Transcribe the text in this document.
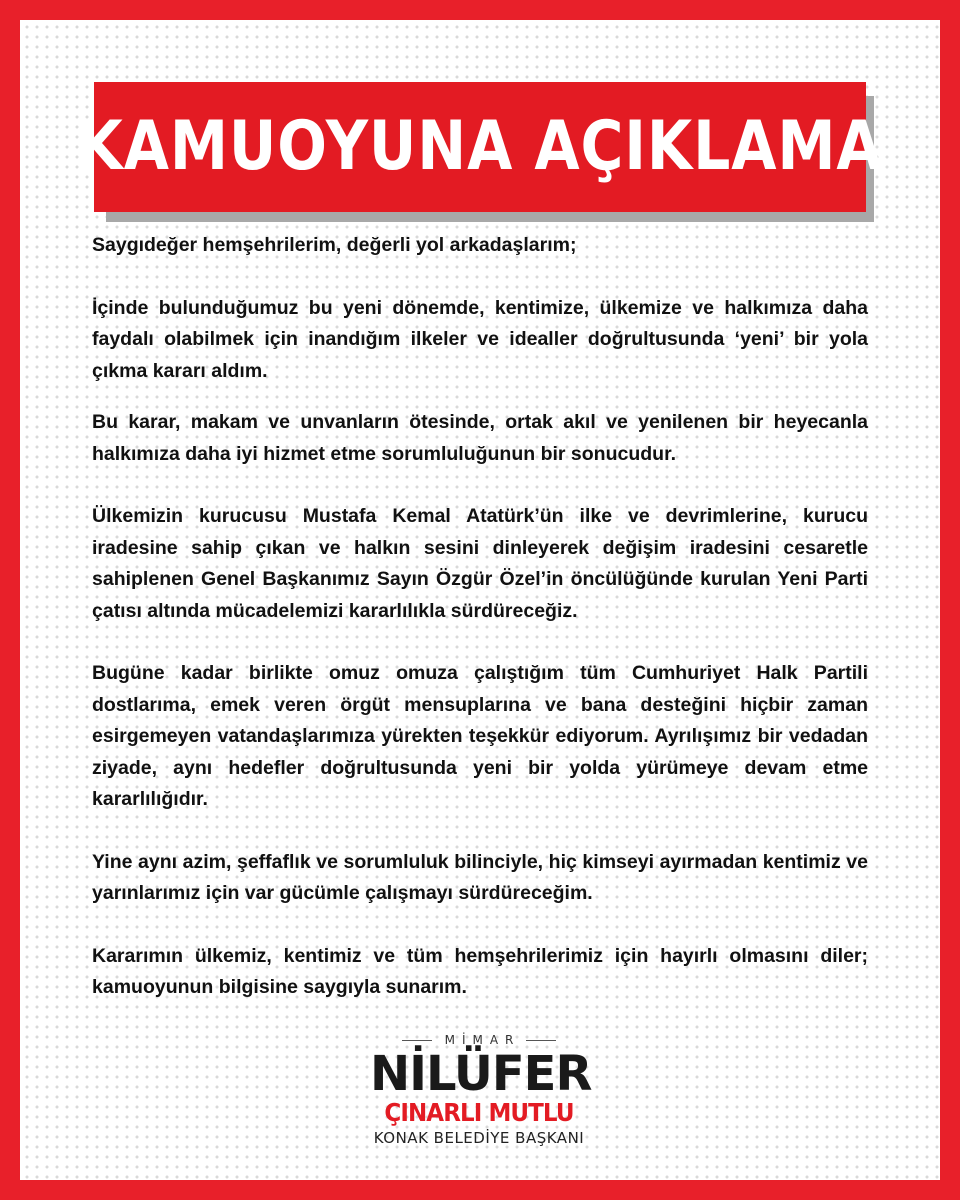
KAMUOYUNA AÇIKLAMA

Saygıdeğer hemşehrilerim, değerli yol arkadaşlarım;

İçinde bulunduğumuz bu yeni dönemde, kentimize, ülkemize ve halkımıza daha faydalı olabilmek için inandığım ilkeler ve idealler doğrultusunda ‘yeni’ bir yola çıkma kararı aldım.

Bu karar, makam ve unvanların ötesinde, ortak akıl ve yenilenen bir heyecanla halkımıza daha iyi hizmet etme sorumluluğunun bir sonucudur.

Ülkemizin kurucusu Mustafa Kemal Atatürk’ün ilke ve devrimlerine, kurucu iradesine sahip çıkan ve halkın sesini dinleyerek değişim iradesini cesaretle sahiplenen Genel Başkanımız Sayın Özgür Özel’in öncülüğünde kurulan Yeni Parti çatısı altında mücadelemizi kararlılıkla sürdüreceğiz.

Bugüne kadar birlikte omuz omuza çalıştığım tüm Cumhuriyet Halk Partili dostlarıma, emek veren örgüt mensuplarına ve bana desteğini hiçbir zaman esirgemeyen vatandaşlarımıza yürekten teşekkür ediyorum. Ayrılışımız bir vedadan ziyade, aynı hedefler doğrultusunda yeni bir yolda yürümeye devam etme kararlılığıdır.

Yine aynı azim, şeffaflık ve sorumluluk bilinciyle, hiç kimseyi ayırmadan kentimiz ve yarınlarımız için var gücümle çalışmayı sürdüreceğim.

Kararımın ülkemiz, kentimiz ve tüm hemşehrilerimiz için hayırlı olmasını diler; kamuoyunun bilgisine saygıyla sunarım.

MİMAR
NİLÜFER
ÇINARLI MUTLU
KONAK BELEDİYE BAŞKANI
